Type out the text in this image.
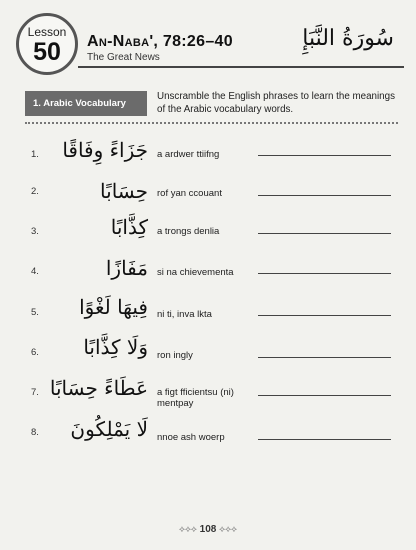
Lesson
50	An-Naba', 78:26–40
The Great News
سُورَةُ النَّبَإِ
1. Arabic Vocabulary
Unscramble the English phrases to learn the meanings of the Arabic vocabulary words.
1. جَزَاءً وِفَاقًا a ardwer ttiifng
2.	حِسَابًا rof yan ccouant
3.	كِذَّابًا a trongs denlia
4.	مَفَازًا si na chievementa
5. فِيهَا لَغْوًا ni ti, inva lkta
6. وَلَا كِذَّابًا ron ingly
7. عَطَاءً حِسَابًا a figt fficientsu (ni) mentpay
8. لَا يَمْلِكُونَ nnoe ash woerp
⟡⟡⟡ 108 ⟡⟡⟡
